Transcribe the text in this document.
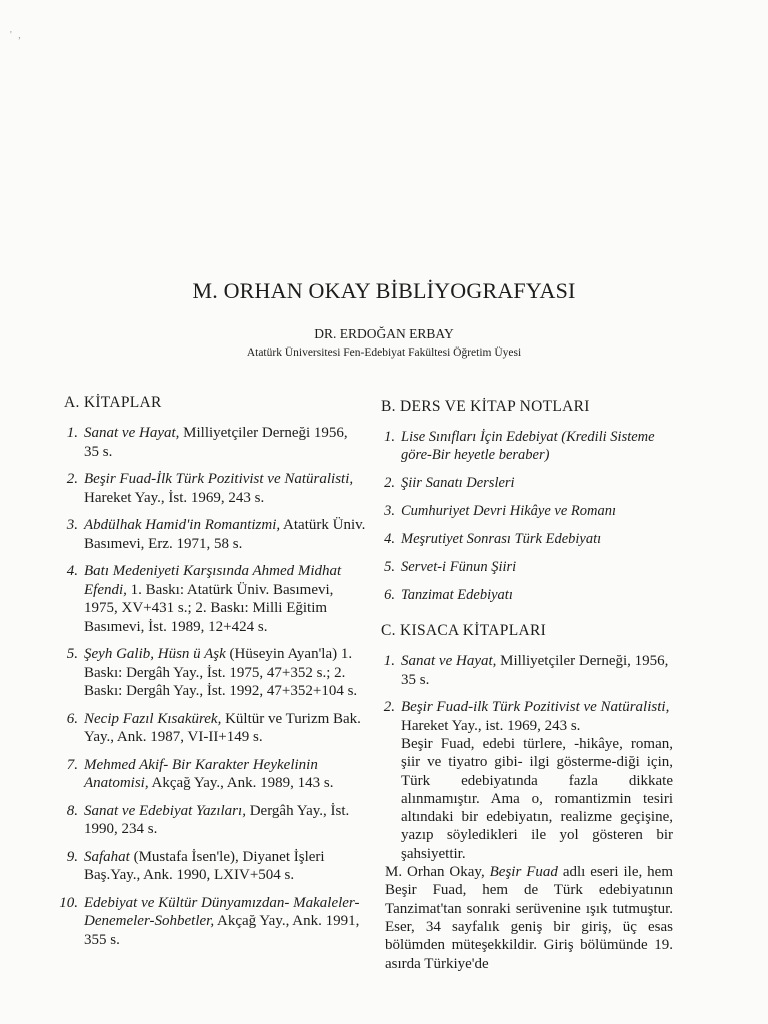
' ,
M. ORHAN OKAY BİBLİYOGRAFYASI
DR. ERDOĞAN ERBAY
Atatürk Üniversitesi Fen-Edebiyat Fakültesi Öğretim Üyesi
A. KİTAPLAR
1. Sanat ve Hayat, Milliyetçiler Derneği 1956, 35 s.
2. Beşir Fuad-İlk Türk Pozitivist ve Natüralisti, Hareket Yay., İst. 1969, 243 s.
3. Abdülhak Hamid'in Romantizmi, Atatürk Üniv. Basımevi, Erz. 1971, 58 s.
4. Batı Medeniyeti Karşısında Ahmed Midhat Efendi, 1. Baskı: Atatürk Üniv. Basımevi, 1975, XV+431 s.; 2. Baskı: Milli Eğitim Basımevi, İst. 1989, 12+424 s.
5. Şeyh Galib, Hüsn ü Aşk (Hüseyin Ayan'la) 1. Baskı: Dergâh Yay., İst. 1975, 47+352 s.; 2. Baskı: Dergâh Yay., İst. 1992, 47+352+104 s.
6. Necip Fazıl Kısakürek, Kültür ve Turizm Bak. Yay., Ank. 1987, VI-II+149 s.
7. Mehmed Akif- Bir Karakter Heykelinin Anatomisi, Akçağ Yay., Ank. 1989, 143 s.
8. Sanat ve Edebiyat Yazıları, Dergâh Yay., İst. 1990, 234 s.
9. Safahat (Mustafa İsen'le), Diyanet İşleri Baş.Yay., Ank. 1990, LXIV+504 s.
10. Edebiyat ve Kültür Dünyamızdan- Makaleler-Denemeler-Sohbetler, Akçağ Yay., Ank. 1991, 355 s.
B. DERS VE KİTAP NOTLARI
1. Lise Sınıfları İçin Edebiyat (Kredili Sisteme göre-Bir heyetle beraber)
2. Şiir Sanatı Dersleri
3. Cumhuriyet Devri Hikâye ve Romanı
4. Meşrutiyet Sonrası Türk Edebiyatı
5. Servet-i Fünun Şiiri
6. Tanzimat Edebiyatı
C. KISACA KİTAPLARI
1. Sanat ve Hayat, Milliyetçiler Derneği, 1956, 35 s.
2. Beşir Fuad-ilk Türk Pozitivist ve Natüralisti, Hareket Yay., ist. 1969, 243 s.
Beşir Fuad, edebi türlere, -hikâye, roman, şiir ve tiyatro gibi- ilgi gösterme-diği için, Türk edebiyatında fazla dikkate alınmamıştır. Ama o, romantizmin tesiri altındaki bir edebiyatın, realizme geçişine, yazıp söyledikleri ile yol gösteren bir şahsiyettir.
M. Orhan Okay, Beşir Fuad adlı eseri ile, hem Beşir Fuad, hem de Türk edebiyatının Tanzimat'tan sonraki serüvenine ışık tutmuştur. Eser, 34 sayfalık geniş bir giriş, üç esas bölümden müteşekkildir. Giriş bölümünde 19. asırda Türkiye'de
